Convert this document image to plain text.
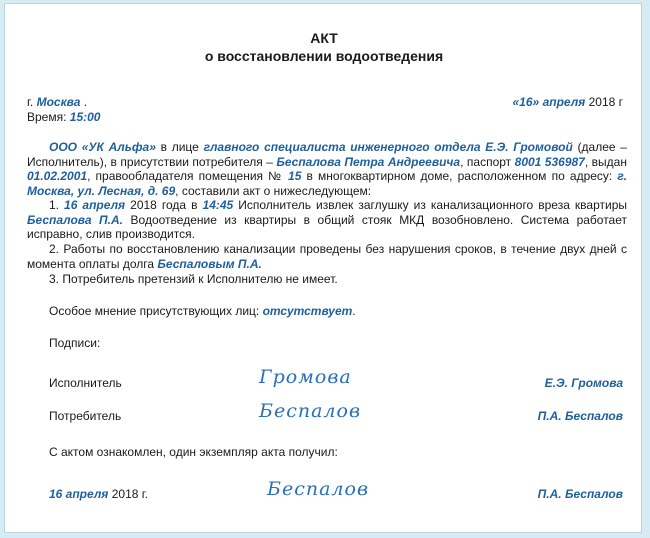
АКТ
о восстановлении водоотведения
г. Москва .	«16» апреля 2018 г
Время: 15:00
ООО «УК Альфа» в лице главного специалиста инженерного отдела Е.Э. Громовой (далее – Исполнитель), в присутствии потребителя – Беспалова Петра Андреевича, паспорт 8001 536987, выдан 01.02.2001, правообладателя помещения № 15 в многоквартирном доме, расположенном по адресу: г. Москва, ул. Лесная, д. 69, составили акт о нижеследующем:
1. 16 апреля 2018 года в 14:45 Исполнитель извлек заглушку из канализационного вреза квартиры Беспалова П.А. Водоотведение из квартиры в общий стояк МКД возобновлено. Система работает исправно, слив производится.
2. Работы по восстановлению канализации проведены без нарушения сроков, в течение двух дней с момента оплаты долга Беспаловым П.А.
3. Потребитель претензий к Исполнителю не имеет.
Особое мнение присутствующих лиц: отсутствует.
Подписи:
Исполнитель	Громова	Е.Э. Громова
Потребитель	Беспалов	П.А. Беспалов
С актом ознакомлен, один экземпляр акта получил:
16 апреля 2018 г.	Беспалов	П.А. Беспалов
